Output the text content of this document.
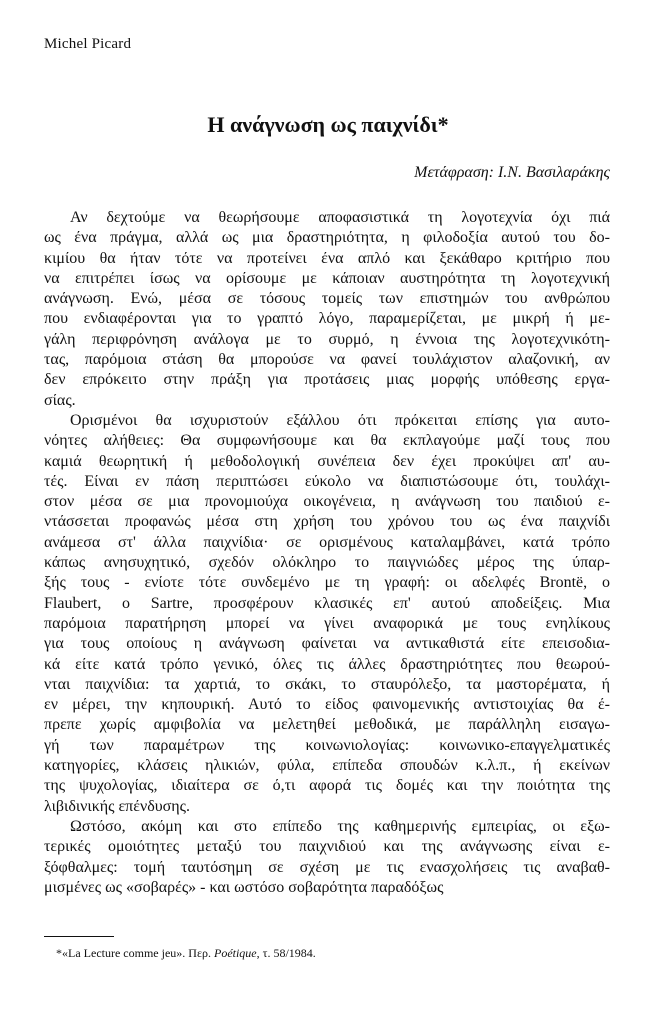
Michel Picard
Η ανάγνωση ως παιχνίδι*
Μετάφραση: Ι.Ν. Βασιλαράκης
Αν δεχτούμε να θεωρήσουμε αποφασιστικά τη λογοτεχνία όχι πιά
ως ένα πράγμα, αλλά ως μια δραστηριότητα, η φιλοδοξία αυτού του δο-
κιμίου θα ήταν τότε να προτείνει ένα απλό και ξεκάθαρο κριτήριο που
να επιτρέπει ίσως να ορίσουμε με κάποιαν αυστηρότητα τη λογοτεχνική
ανάγνωση. Ενώ, μέσα σε τόσους τομείς των επιστημών του ανθρώπου
που ενδιαφέρονται για το γραπτό λόγο, παραμερίζεται, με μικρή ή με-
γάλη περιφρόνηση ανάλογα με το συρμό, η έννοια της λογοτεχνικότη-
τας, παρόμοια στάση θα μπορούσε να φανεί τουλάχιστον αλαζονική, αν
δεν επρόκειτο στην πράξη για προτάσεις μιας μορφής υπόθεσης εργα-
σίας.
Ορισμένοι θα ισχυριστούν εξάλλου ότι πρόκειται επίσης για αυτο-
νόητες αλήθειες: Θα συμφωνήσουμε και θα εκπλαγούμε μαζί τους που
καμιά θεωρητική ή μεθοδολογική συνέπεια δεν έχει προκύψει απ' αυ-
τές. Είναι εν πάση περιπτώσει εύκολο να διαπιστώσουμε ότι, τουλάχι-
στον μέσα σε μια προνομιούχα οικογένεια, η ανάγνωση του παιδιού ε-
ντάσσεται προφανώς μέσα στη χρήση του χρόνου του ως ένα παιχνίδι
ανάμεσα στ' άλλα παιχνίδια· σε ορισμένους καταλαμβάνει, κατά τρόπο
κάπως ανησυχητικό, σχεδόν ολόκληρο το παιγνιώδες μέρος της ύπαρ-
ξής τους - ενίοτε τότε συνδεμένο με τη γραφή: οι αδελφές Brontë, ο
Flaubert, ο Sartre, προσφέρουν κλασικές επ' αυτού αποδείξεις. Μια
παρόμοια παρατήρηση μπορεί να γίνει αναφορικά με τους ενηλίκους
για τους οποίους η ανάγνωση φαίνεται να αντικαθιστά είτε επεισοδια-
κά είτε κατά τρόπο γενικό, όλες τις άλλες δραστηριότητες που θεωρού-
νται παιχνίδια: τα χαρτιά, το σκάκι, το σταυρόλεξο, τα μαστορέματα, ή
εν μέρει, την κηπουρική. Αυτό το είδος φαινομενικής αντιστοιχίας θα έ-
πρεπε χωρίς αμφιβολία να μελετηθεί μεθοδικά, με παράλληλη εισαγω-
γή των παραμέτρων της κοινωνιολογίας: κοινωνικο-επαγγελματικές
κατηγορίες, κλάσεις ηλικιών, φύλα, επίπεδα σπουδών κ.λ.π., ή εκείνων
της ψυχολογίας, ιδιαίτερα σε ό,τι αφορά τις δομές και την ποιότητα της
λιβιδινικής επένδυσης.
Ωστόσο, ακόμη και στο επίπεδο της καθημερινής εμπειρίας, οι εξω-
τερικές ομοιότητες μεταξύ του παιχνιδιού και της ανάγνωσης είναι ε-
ξόφθαλμες: τομή ταυτόσημη σε σχέση με τις ενασχολήσεις τις αναβαθ-
μισμένες ως «σοβαρές» - και ωστόσο σοβαρότητα παραδόξως
*«La Lecture comme jeu». Περ. Poétique, τ. 58/1984.
